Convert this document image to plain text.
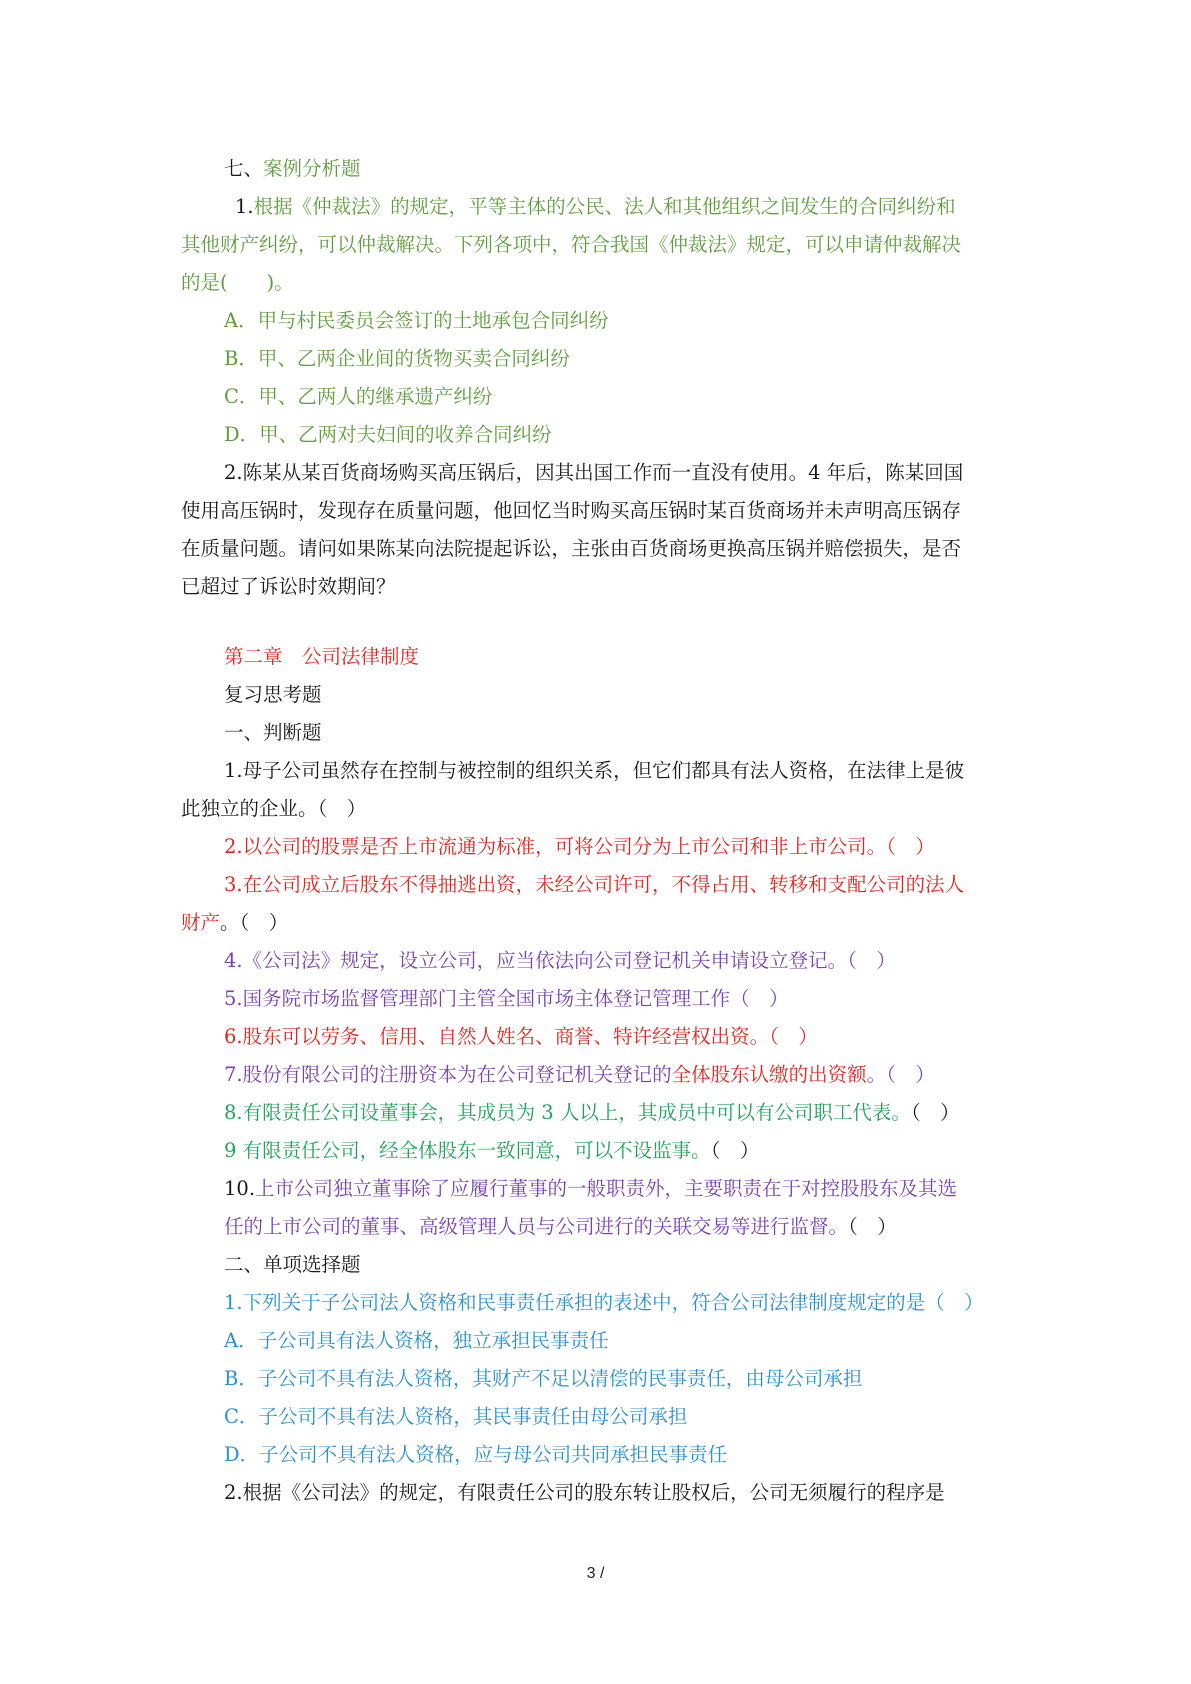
七、案例分析题
1.根据《仲裁法》的规定，平等主体的公民、法人和其他组织之间发生的合同纠纷和
其他财产纠纷，可以仲裁解决。下列各项中，符合我国《仲裁法》规定，可以申请仲裁解决
的是(　　)。
A．甲与村民委员会签订的土地承包合同纠纷
B．甲、乙两企业间的货物买卖合同纠纷
C．甲、乙两人的继承遗产纠纷
D．甲、乙两对夫妇间的收养合同纠纷
2.陈某从某百货商场购买高压锅后，因其出国工作而一直没有使用。4 年后，陈某回国
使用高压锅时，发现存在质量问题，他回忆当时购买高压锅时某百货商场并未声明高压锅存
在质量问题。请问如果陈某向法院提起诉讼，主张由百货商场更换高压锅并赔偿损失，是否
已超过了诉讼时效期间？
第二章　公司法律制度
复习思考题
一、判断题
1.母子公司虽然存在控制与被控制的组织关系，但它们都具有法人资格，在法律上是彼
此独立的企业。（　）
2.以公司的股票是否上市流通为标准，可将公司分为上市公司和非上市公司。（　）
3.在公司成立后股东不得抽逃出资，未经公司许可，不得占用、转移和支配公司的法人
财产。（　）
4.《公司法》规定，设立公司，应当依法向公司登记机关申请设立登记。（　）
5.国务院市场监督管理部门主管全国市场主体登记管理工作（　）
6.股东可以劳务、信用、自然人姓名、商誉、特许经营权出资。（　）
7.股份有限公司的注册资本为在公司登记机关登记的全体股东认缴的出资额。（　）
8.有限责任公司设董事会，其成员为 3 人以上，其成员中可以有公司职工代表。（　）
9 有限责任公司，经全体股东一致同意，可以不设监事。（　）
10.上市公司独立董事除了应履行董事的一般职责外，主要职责在于对控股股东及其选
任的上市公司的董事、高级管理人员与公司进行的关联交易等进行监督。（　）
二、单项选择题
1.下列关于子公司法人资格和民事责任承担的表述中，符合公司法律制度规定的是（　）
A．子公司具有法人资格，独立承担民事责任
B．子公司不具有法人资格，其财产不足以清偿的民事责任，由母公司承担
C．子公司不具有法人资格，其民事责任由母公司承担
D．子公司不具有法人资格，应与母公司共同承担民事责任
2.根据《公司法》的规定，有限责任公司的股东转让股权后，公司无须履行的程序是
3 /
